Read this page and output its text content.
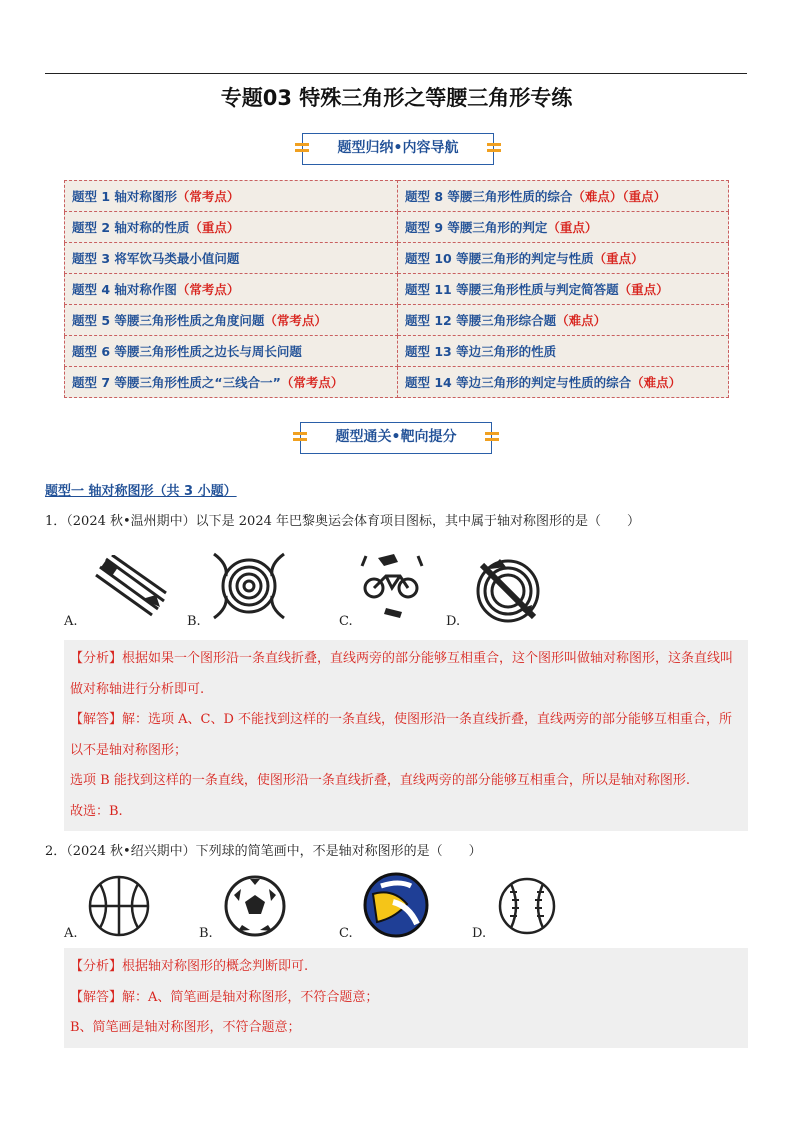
专题03 特殊三角形之等腰三角形专练
题型归纳•内容导航
题型 1 轴对称图形（常考点）	题型 8 等腰三角形性质的综合（难点）（重点）
题型 2 轴对称的性质（重点）	题型 9 等腰三角形的判定（重点）
题型 3 将军饮马类最小值问题	题型 10 等腰三角形的判定与性质（重点）
题型 4 轴对称作图（常考点）	题型 11 等腰三角形性质与判定简答题（重点）
题型 5 等腰三角形性质之角度问题（常考点）	题型 12 等腰三角形综合题（难点）
题型 6 等腰三角形性质之边长与周长问题	题型 13 等边三角形的性质
题型 7 等腰三角形性质之“三线合一”（常考点）	题型 14 等边三角形的判定与性质的综合（难点）
题型通关•靶向提分
题型一 轴对称图形（共 3 小题）
1．（2024 秋•温州期中）以下是 2024 年巴黎奥运会体育项目图标，其中属于轴对称图形的是（　　）
A.	B.	C.	D.

【分析】根据如果一个图形沿一条直线折叠，直线两旁的部分能够互相重合，这个图形叫做轴对称图形，这条直线叫做对称轴进行分析即可.

【解答】解：选项 A、C、D 不能找到这样的一条直线，使图形沿一条直线折叠，直线两旁的部分能够互相重合，所以不是轴对称图形；

选项 B 能找到这样的一条直线，使图形沿一条直线折叠，直线两旁的部分能够互相重合，所以是轴对称图形.

故选：B.

2．（2024 秋•绍兴期中）下列球的简笔画中，不是轴对称图形的是（　　）
A.	B.	C.	D.

【分析】根据轴对称图形的概念判断即可.

【解答】解：A、简笔画是轴对称图形，不符合题意；

B、简笔画是轴对称图形，不符合题意；
